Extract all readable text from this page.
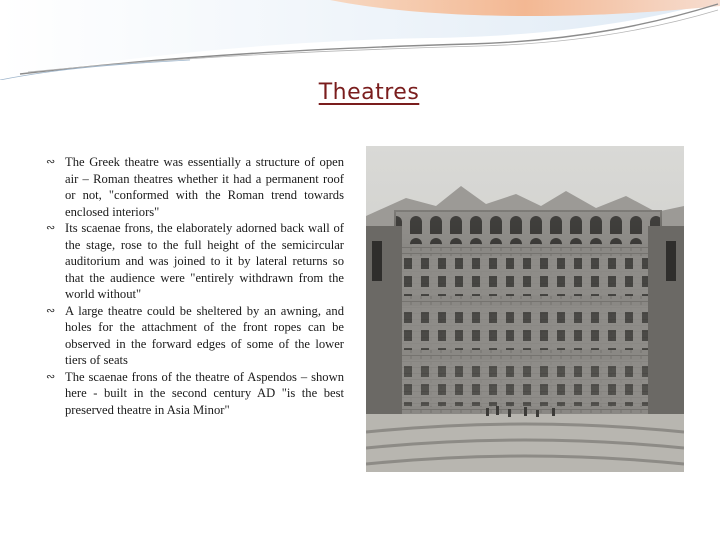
Theatres
∾ The Greek theatre was essentially a structure of open air – Roman theatres whether it had a permanent roof or not, "conformed with the Roman trend towards enclosed interiors"
∾ Its scaenae frons, the elaborately adorned back wall of the stage, rose to the full height of the semicircular auditorium and was joined to it by lateral returns so that the audience were "entirely withdrawn from the world without"
∾ A large theatre could be sheltered by an awning, and holes for the attachment of the front ropes can be observed in the forward edges of some of the lower tiers of seats
∾ The scaenae frons of the theatre of Aspendos – shown here - built in the second century AD "is the best preserved theatre in Asia Minor"
